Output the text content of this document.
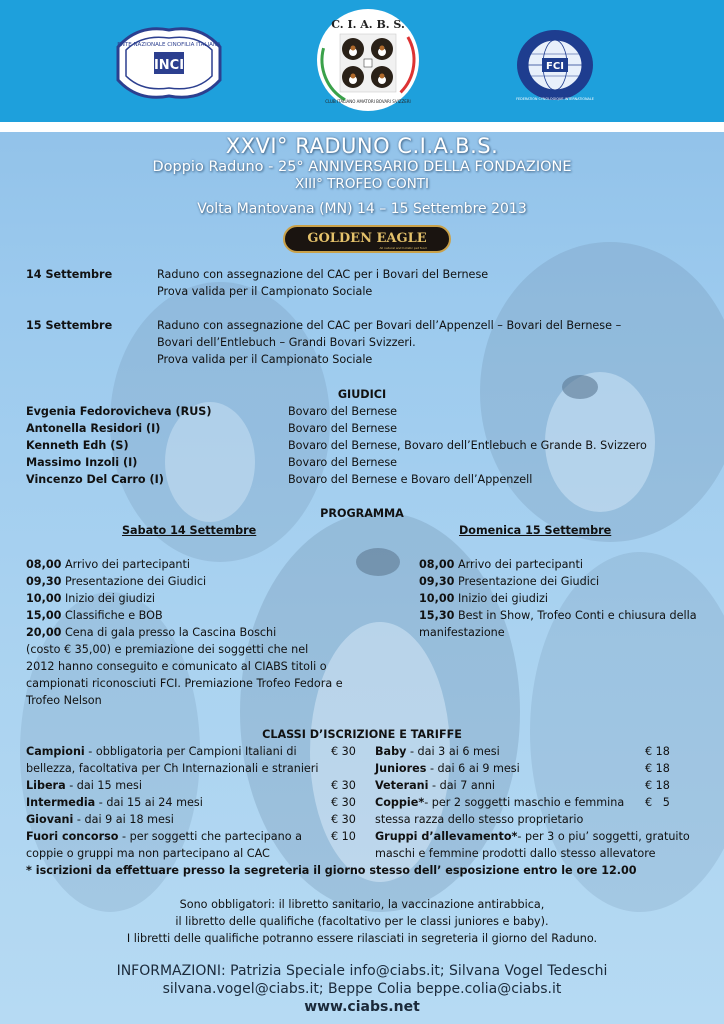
ENTE NAZIONALE CINOFILIA ITALIANA
INCI
C. I. A. B. S.
CLUB ITALIANO AMATORI BOVARI SVIZZERI
FCI
FEDERATION CYNOLOGIQUE INTERNATIONALE
XXVI° RADUNO C.I.A.B.S.
Doppio Raduno - 25° ANNIVERSARIO DELLA FONDAZIONE
XIII° TROFEO CONTI
Volta Mantovana (MN) 14 – 15 Settembre 2013
GOLDEN EAGLE
All natural and holistic pet food
14 Settembre	Raduno con assegnazione del CAC per i Bovari del Bernese
Prova valida per il Campionato Sociale
15 Settembre	Raduno con assegnazione del CAC per Bovari dell’Appenzell – Bovari del Bernese –
Bovari dell’Entlebuch – Grandi Bovari Svizzeri.
Prova valida per il Campionato Sociale
GIUDICI
Evgenia Fedorovicheva (RUS)	Bovaro del Bernese
Antonella Residori (I)	Bovaro del Bernese
Kenneth Edh (S)	Bovaro del Bernese, Bovaro dell’Entlebuch e Grande B. Svizzero
Massimo Inzoli (I)	Bovaro del Bernese
Vincenzo Del Carro (I)	Bovaro del Bernese e Bovaro dell’Appenzell
PROGRAMMA
Sabato 14 Settembre	Domenica 15 Settembre
08,00 Arrivo dei partecipanti
09,30 Presentazione dei Giudici
10,00 Inizio dei giudizi
15,00 Classifiche e BOB
20,00 Cena di gala presso la Cascina Boschi
(costo € 35,00) e premiazione dei soggetti che nel
2012 hanno conseguito e comunicato al CIABS titoli o
campionati riconosciuti FCI. Premiazione Trofeo Fedora e
Trofeo Nelson
08,00 Arrivo dei partecipanti
09,30 Presentazione dei Giudici
10,00 Inizio dei giudizi
15,30 Best in Show, Trofeo Conti e chiusura della
manifestazione
CLASSI D’ISCRIZIONE E TARIFFE
Campioni - obbligatoria per Campioni Italiani di	€ 30
bellezza, facoltativa per Ch Internazionali e stranieri
Libera - dai 15 mesi	€ 30
Intermedia - dai 15 ai 24 mesi	€ 30
Giovani - dai 9 ai 18 mesi	€ 30
Fuori concorso - per soggetti che partecipano a	€ 10
coppie o gruppi ma non partecipano al CAC
Baby - dai 3 ai 6 mesi	€ 18
Juniores - dai 6 ai 9 mesi	€ 18
Veterani - dai 7 anni	€ 18
Coppie*- per 2 soggetti maschio e femmina €   5
stessa razza dello stesso proprietario
Gruppi d’allevamento*- per 3 o piu’ soggetti, gratuito
maschi e femmine prodotti dallo stesso allevatore
* iscrizioni da effettuare presso la segreteria il giorno stesso dell’ esposizione entro le ore 12.00
Sono obbligatori: il libretto sanitario, la vaccinazione antirabbica,
il libretto delle qualifiche (facoltativo per le classi juniores e baby).
I libretti delle qualifiche potranno essere rilasciati in segreteria il giorno del Raduno.
INFORMAZIONI: Patrizia Speciale info@ciabs.it; Silvana Vogel Tedeschi
silvana.vogel@ciabs.it; Beppe Colia beppe.colia@ciabs.it
www.ciabs.net
